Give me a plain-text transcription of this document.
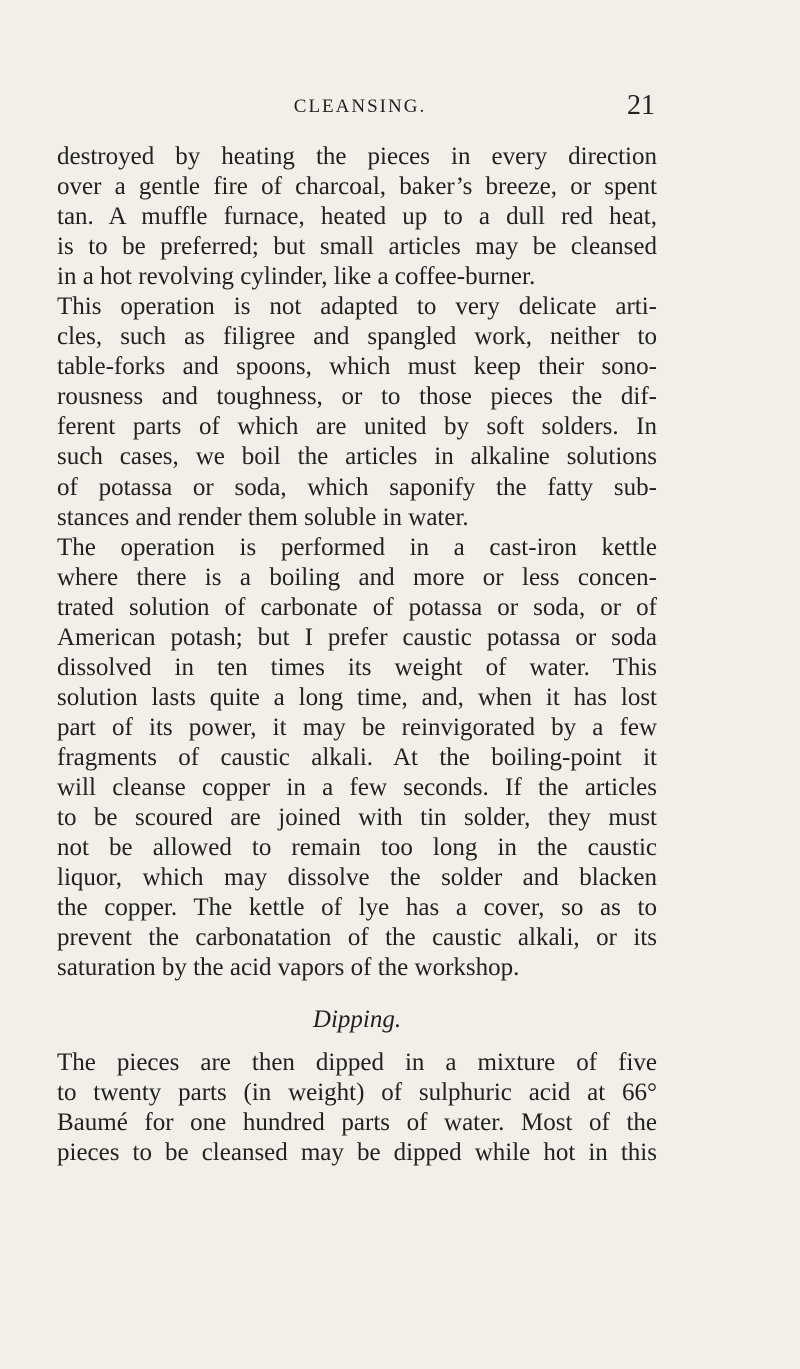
CLEANSING.	21
destroyed by heating the pieces in every direction
over a gentle fire of charcoal, baker’s breeze, or spent
tan. A muffle furnace, heated up to a dull red heat,
is to be preferred; but small articles may be cleansed
in a hot revolving cylinder, like a coffee-burner.
This operation is not adapted to very delicate arti-
cles, such as filigree and spangled work, neither to
table-forks and spoons, which must keep their sono-
rousness and toughness, or to those pieces the dif-
ferent parts of which are united by soft solders. In
such cases, we boil the articles in alkaline solutions
of potassa or soda, which saponify the fatty sub-
stances and render them soluble in water.
The operation is performed in a cast-iron kettle
where there is a boiling and more or less concen-
trated solution of carbonate of potassa or soda, or of
American potash; but I prefer caustic potassa or soda
dissolved in ten times its weight of water. This
solution lasts quite a long time, and, when it has lost
part of its power, it may be reinvigorated by a few
fragments of caustic alkali. At the boiling-point it
will cleanse copper in a few seconds. If the articles
to be scoured are joined with tin solder, they must
not be allowed to remain too long in the caustic
liquor, which may dissolve the solder and blacken
the copper. The kettle of lye has a cover, so as to
prevent the carbonatation of the caustic alkali, or its
saturation by the acid vapors of the workshop.
Dipping.
The pieces are then dipped in a mixture of five
to twenty parts (in weight) of sulphuric acid at 66°
Baumé for one hundred parts of water. Most of the
pieces to be cleansed may be dipped while hot in this
